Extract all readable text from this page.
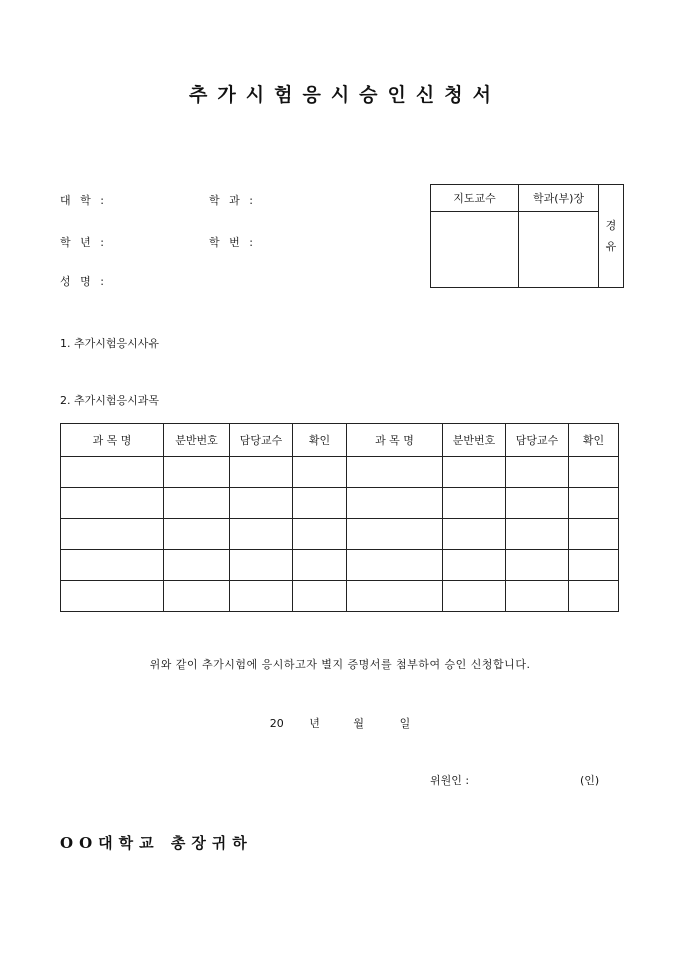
추가시험응시승인신청서
대 학 :	학 과 :
학 년 :	학 번 :
성 명 :
지도교수	학과(부)장	경
유

1. 추가시험응시사유
2. 추가시험응시과목
과 목 명	분반번호	담당교수	확인	과 목 명	분반번호	담당교수	확인

위와 같이 추가시험에 응시하고자 별지 증명서를 첨부하여 승인 신청합니다.
20 년	월	일
위원인 :	(인)
OO대학교 총장귀하
